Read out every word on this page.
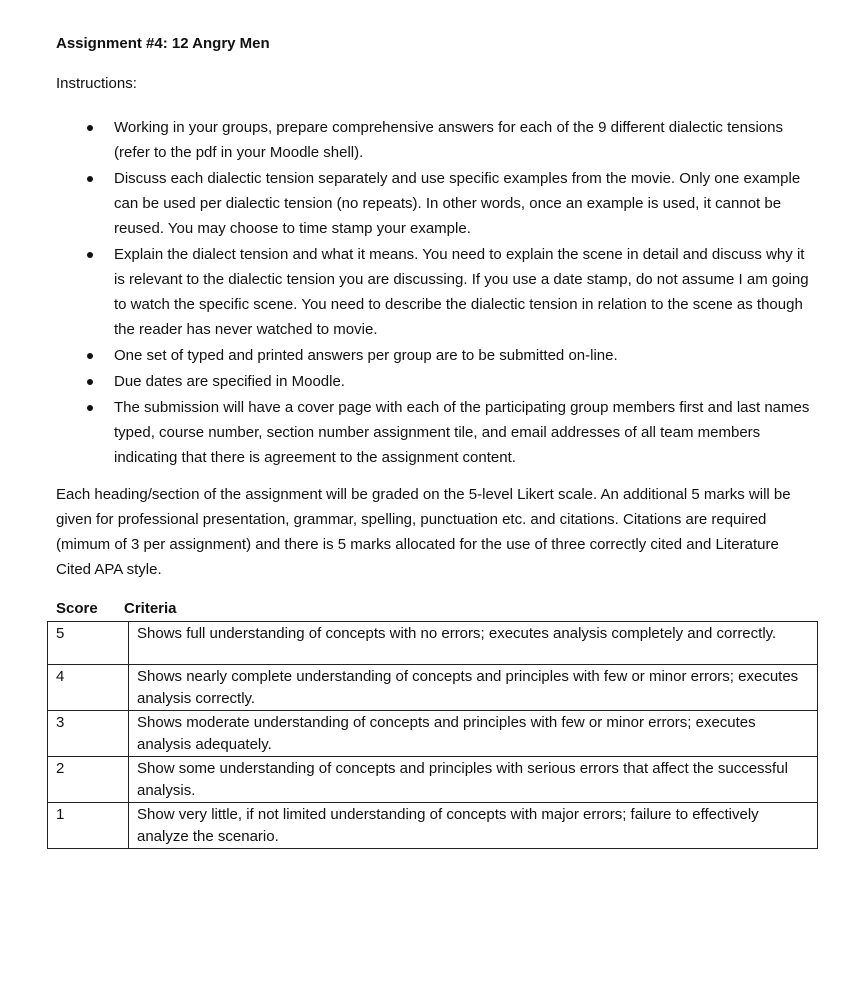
Assignment #4: 12 Angry Men

Instructions:

Working in your groups, prepare comprehensive answers for each of the 9 different dialectic tensions (refer to the pdf in your Moodle shell).
Discuss each dialectic tension separately and use specific examples from the movie. Only one example can be used per dialectic tension (no repeats). In other words, once an example is used, it cannot be reused. You may choose to time stamp your example.
Explain the dialect tension and what it means. You need to explain the scene in detail and discuss why it is relevant to the dialectic tension you are discussing. If you use a date stamp, do not assume I am going to watch the specific scene. You need to describe the dialectic tension in relation to the scene as though the reader has never watched to movie.
One set of typed and printed answers per group are to be submitted on-line.
Due dates are specified in Moodle.
The submission will have a cover page with each of the participating group members first and last names typed, course number, section number assignment tile, and email addresses of all team members indicating that there is agreement to the assignment content.

Each heading/section of the assignment will be graded on the 5-level Likert scale. An additional 5 marks will be given for professional presentation, grammar, spelling, punctuation etc. and citations. Citations are required (mimum of 3 per assignment) and there is 5 marks allocated for the use of three correctly cited and Literature Cited APA style.

Score Criteria
5	Shows full understanding of concepts with no errors; executes analysis completely and correctly.
4	Shows nearly complete understanding of concepts and principles with few or minor errors; executes analysis correctly.
3	Shows moderate understanding of concepts and principles with few or minor errors; executes analysis adequately.
2	Show some understanding of concepts and principles with serious errors that affect the successful analysis.
1	Show very little, if not limited understanding of concepts with major errors; failure to effectively analyze the scenario.
